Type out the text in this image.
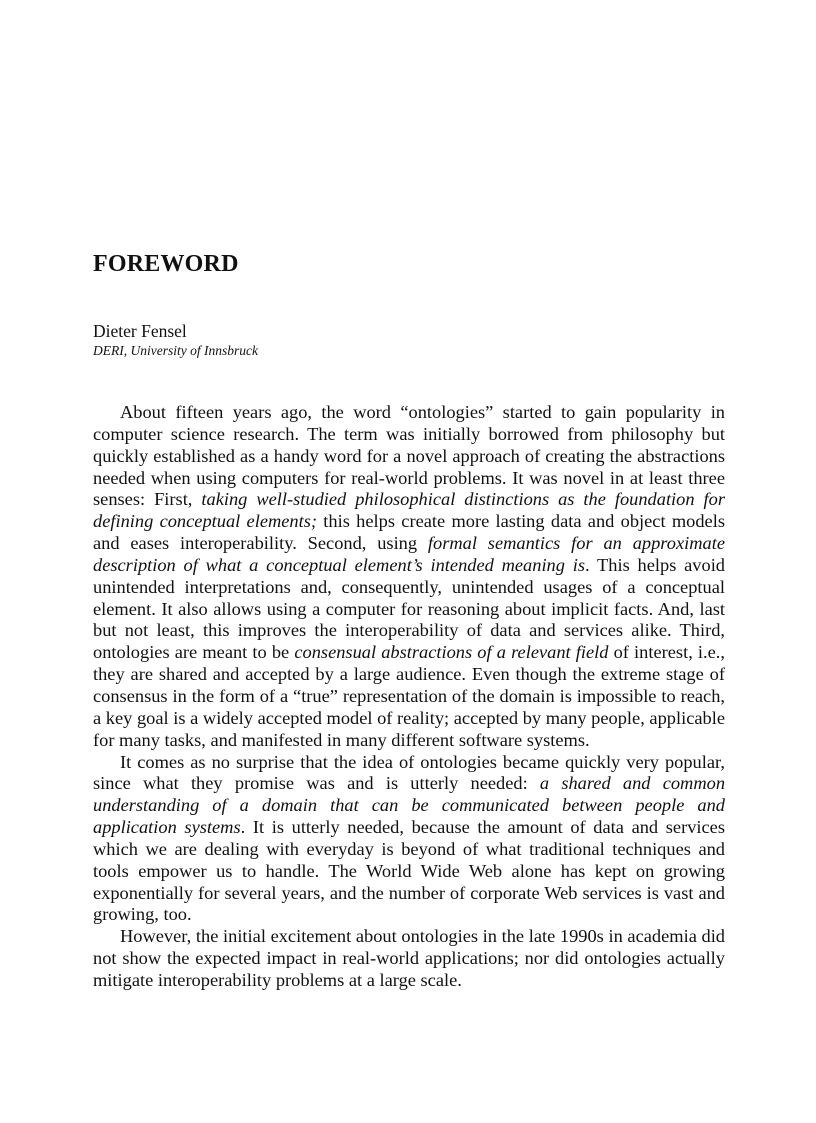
FOREWORD

Dieter Fensel

DERI, University of Innsbruck

About fifteen years ago, the word “ontologies” started to gain popularity in computer science research. The term was initially borrowed from philosophy but quickly established as a handy word for a novel approach of creating the abstractions needed when using computers for real-world problems. It was novel in at least three senses: First, taking well-studied philosophical distinctions as the foundation for defining conceptual elements; this helps create more lasting data and object models and eases interoperability. Second, using formal semantics for an approximate description of what a conceptual element’s intended meaning is. This helps avoid unintended interpretations and, consequently, unintended usages of a conceptual element. It also allows using a computer for reasoning about implicit facts. And, last but not least, this improves the interoperability of data and services alike. Third, ontologies are meant to be consensual abstractions of a relevant field of interest, i.e., they are shared and accepted by a large audience. Even though the extreme stage of consensus in the form of a “true” representation of the domain is impossible to reach, a key goal is a widely accepted model of reality; accepted by many people, applicable for many tasks, and manifested in many different software systems.

It comes as no surprise that the idea of ontologies became quickly very popular, since what they promise was and is utterly needed: a shared and common understanding of a domain that can be communicated between people and application systems. It is utterly needed, because the amount of data and services which we are dealing with everyday is beyond of what traditional techniques and tools empower us to handle. The World Wide Web alone has kept on growing exponentially for several years, and the number of corporate Web services is vast and growing, too.

However, the initial excitement about ontologies in the late 1990s in academia did not show the expected impact in real-world applications; nor did ontologies actually mitigate interoperability problems at a large scale.
